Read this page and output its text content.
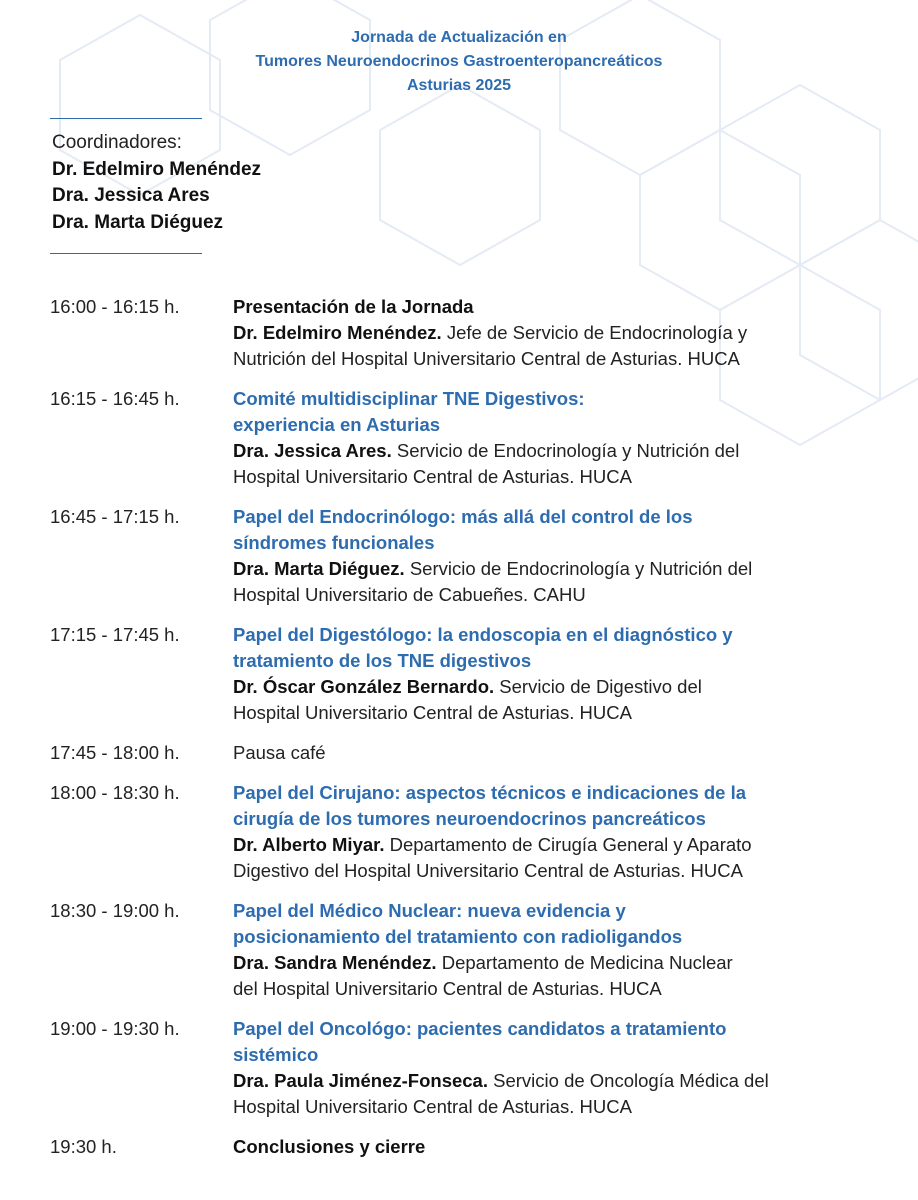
Jornada de Actualización en
Tumores Neuroendocrinos Gastroenteropancreáticos
Asturias 2025
Coordinadores:
Dr. Edelmiro Menéndez
Dra. Jessica Ares
Dra. Marta Diéguez
16:00 - 16:15 h.	Presentación de la Jornada
Dr. Edelmiro Menéndez. Jefe de Servicio de Endocrinología y
Nutrición del Hospital Universitario Central de Asturias. HUCA
16:15 - 16:45 h.	Comité multidisciplinar TNE Digestivos:
experiencia en Asturias
Dra. Jessica Ares. Servicio de Endocrinología y Nutrición del
Hospital Universitario Central de Asturias. HUCA
16:45 - 17:15 h.	Papel del Endocrinólogo: más allá del control de los
síndromes funcionales
Dra. Marta Diéguez. Servicio de Endocrinología y Nutrición del
Hospital Universitario de Cabueñes. CAHU
17:15 - 17:45 h.	Papel del Digestólogo: la endoscopia en el diagnóstico y
tratamiento de los TNE digestivos
Dr. Óscar González Bernardo. Servicio de Digestivo del
Hospital Universitario Central de Asturias. HUCA
17:45 - 18:00 h.	Pausa café
18:00 - 18:30 h.	Papel del Cirujano: aspectos técnicos e indicaciones de la
cirugía de los tumores neuroendocrinos pancreáticos
Dr. Alberto Miyar. Departamento de Cirugía General y Aparato
Digestivo del Hospital Universitario Central de Asturias. HUCA
18:30 - 19:00 h.	Papel del Médico Nuclear: nueva evidencia y
posicionamiento del tratamiento con radioligandos
Dra. Sandra Menéndez. Departamento de Medicina Nuclear
del Hospital Universitario Central de Asturias. HUCA
19:00 - 19:30 h.	Papel del Oncológo: pacientes candidatos a tratamiento
sistémico
Dra. Paula Jiménez-Fonseca. Servicio de Oncología Médica del
Hospital Universitario Central de Asturias. HUCA
19:30 h.	Conclusiones y cierre
